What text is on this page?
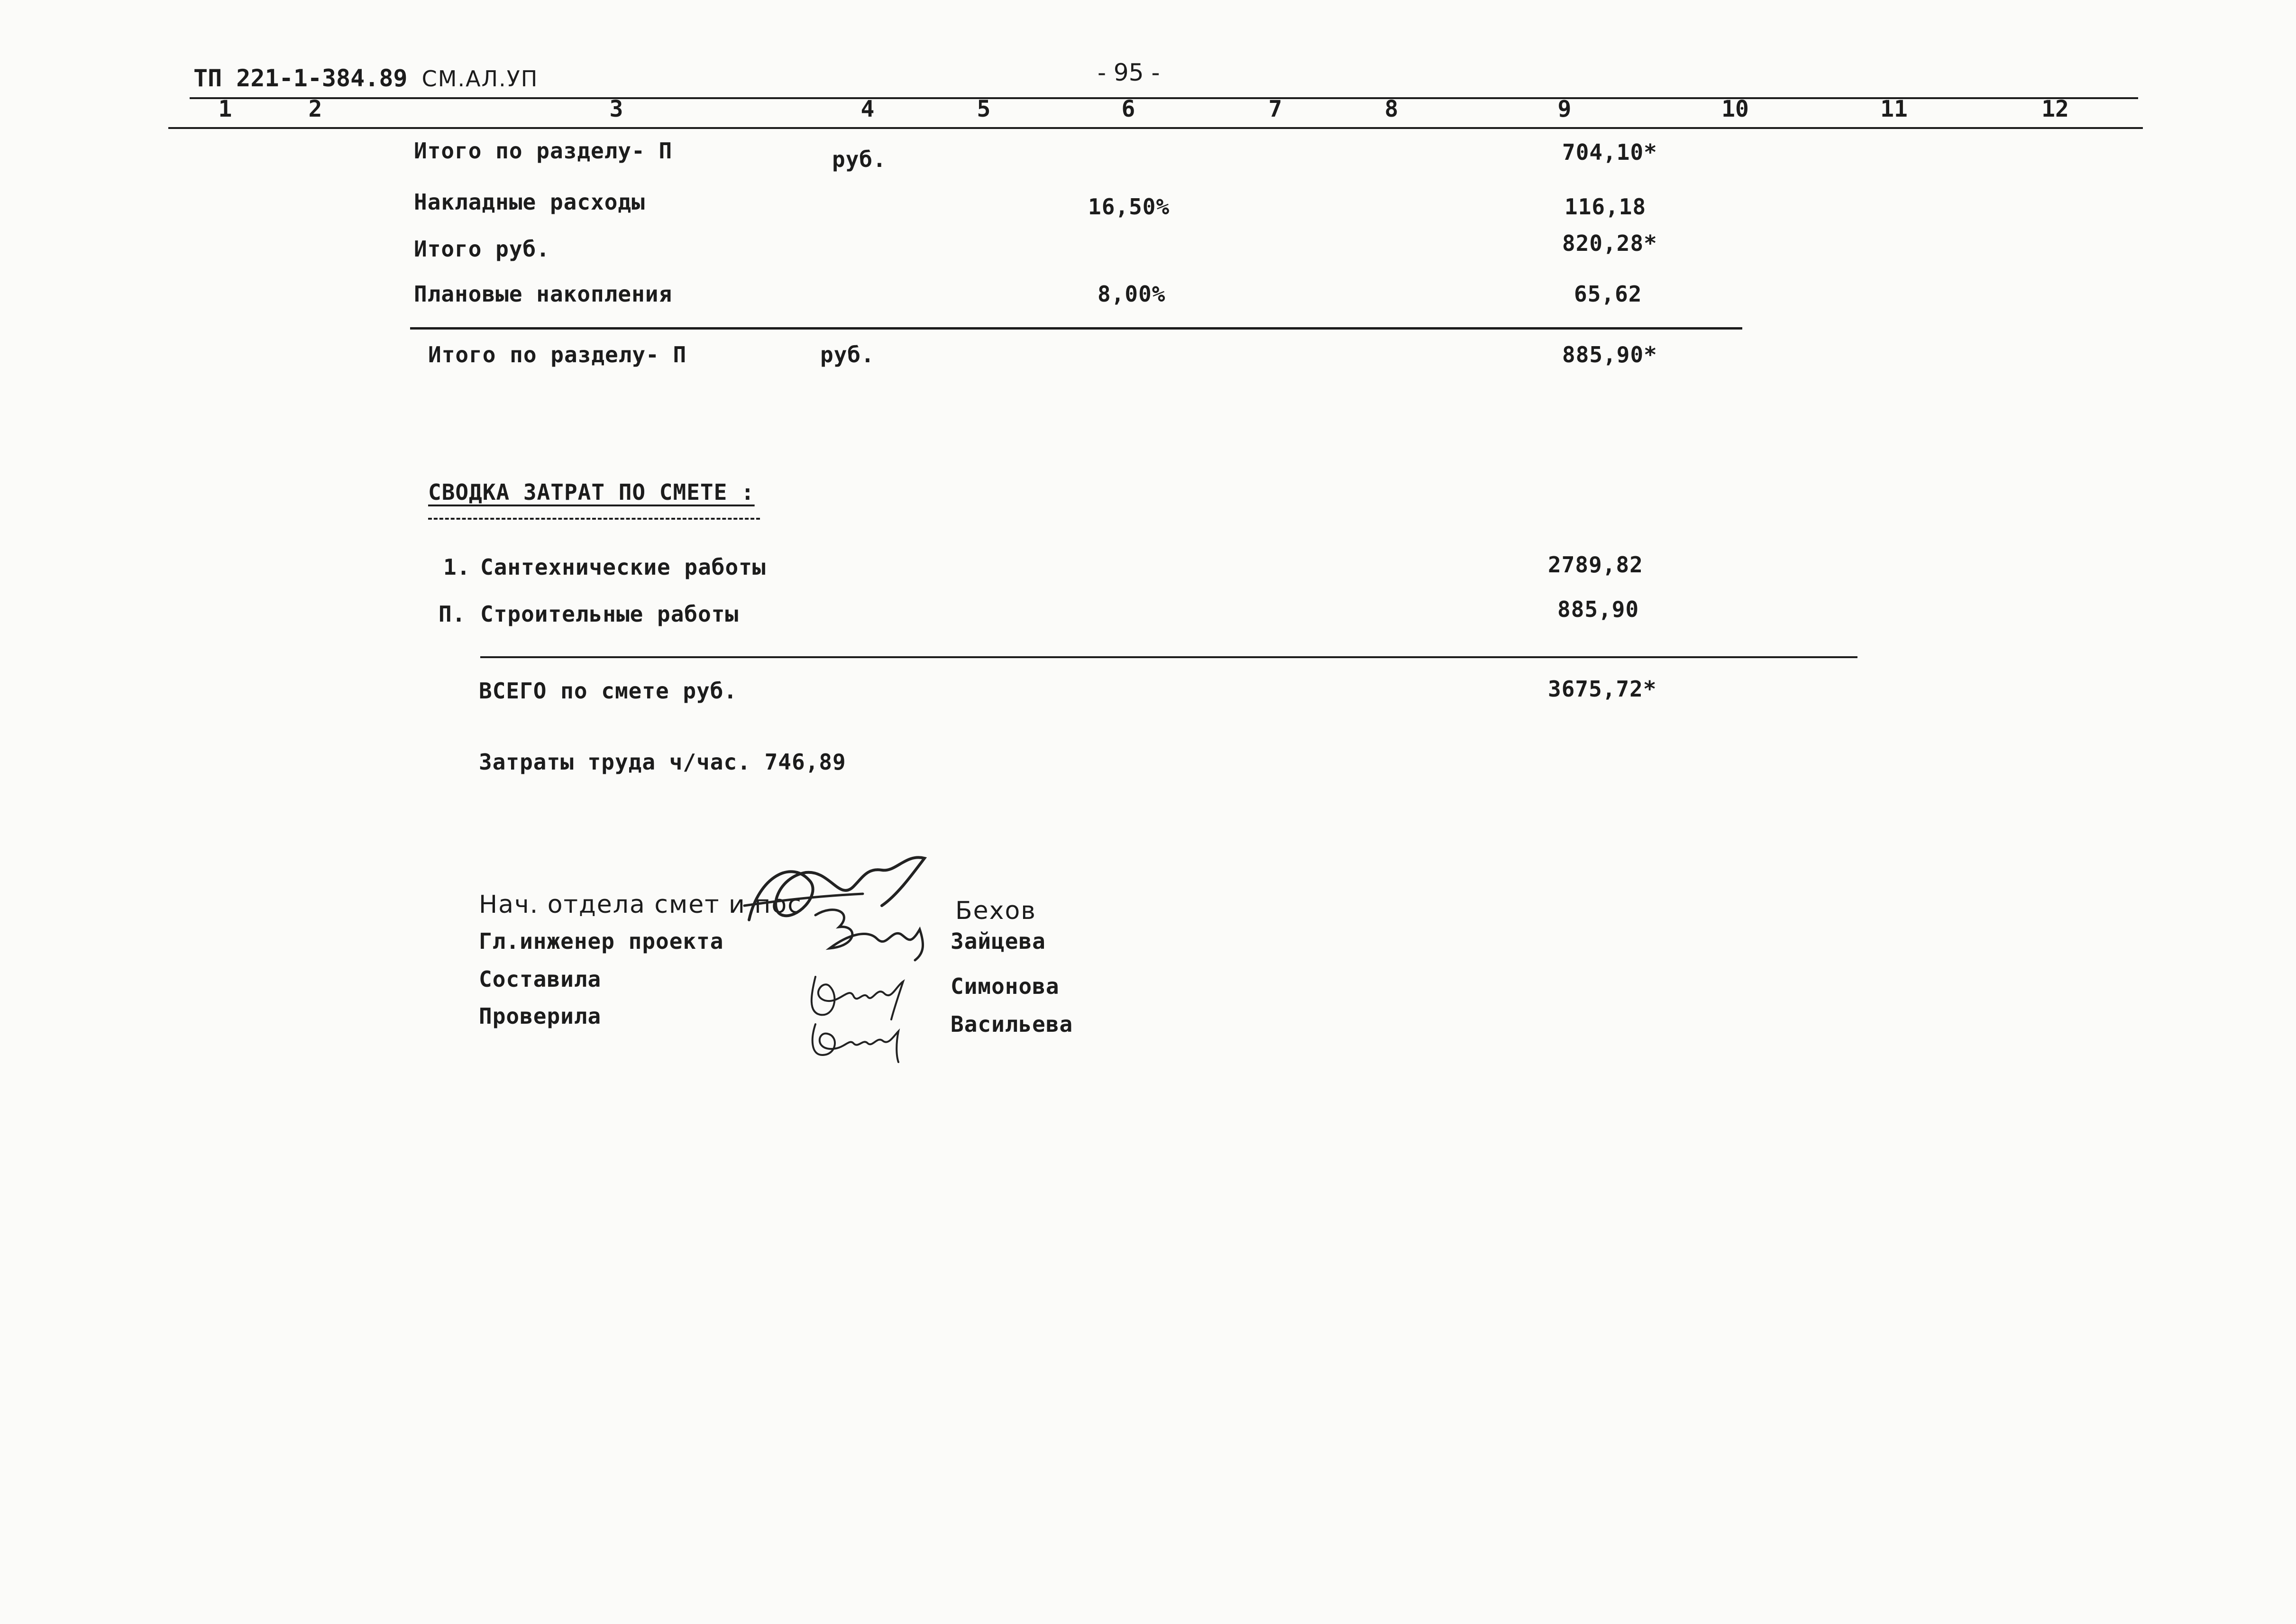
ТП 221-1-384.89 СМ.АЛ.УП	- 95 -
1	2	3	4	5	6	7	8	9	10	11	12
Итого по разделу- П	руб.	704,10*
Накладные расходы	16,50%	116,18
Итого руб.	820,28*
Плановые накопления	8,00%	65,62
Итого по разделу- П	руб.	885,90*
СВОДКА ЗАТРАТ ПО СМЕТЕ :
1. Сантехнические работы	2789,82
П. Строительные работы	885,90
ВСЕГО по смете руб.	3675,72*
Затраты труда ч/час. 746,89
Нач. отдела смет и пос	Бехов
Гл.инженер проекта	Зайцева
Составила	Симонова
Проверила	Васильева
